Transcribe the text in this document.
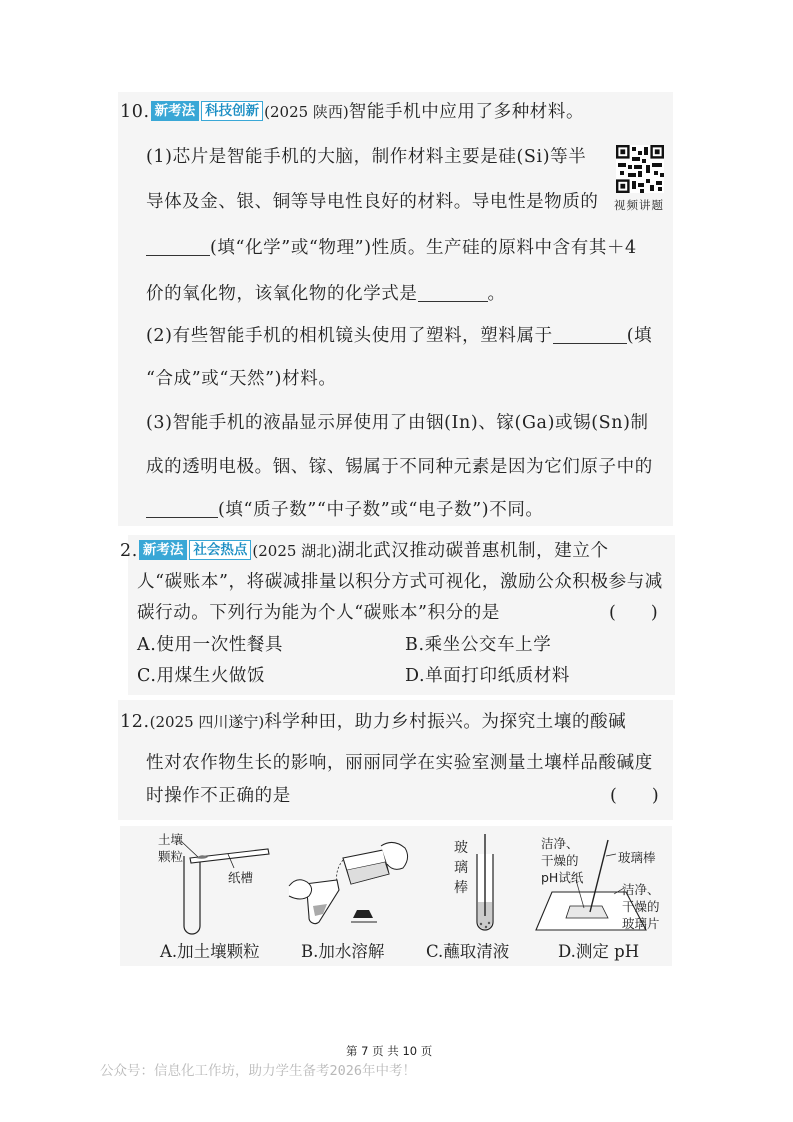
10. 新考法 科技创新 (2025 陕西)智能手机中应用了多种材料。
(1)芯片是智能手机的大脑，制作材料主要是硅(Si)等半
导体及金、银、铜等导电性良好的材料。导电性是物质的
(填“化学”或“物理”)性质。生产硅的原料中含有其＋4
价的氧化物，该氧化物的化学式是	。
(2)有些智能手机的相机镜头使用了塑料，塑料属于	(填
“合成”或“天然”)材料。
(3)智能手机的液晶显示屏使用了由铟(In)、镓(Ga)或锡(Sn)制
成的透明电极。铟、镓、锡属于不同种元素是因为它们原子中的
(填“质子数”“中子数”或“电子数”)不同。
视频讲题
2. 新考法 社会热点 (2025 湖北)湖北武汉推动碳普惠机制，建立个
人“碳账本”，将碳减排量以积分方式可视化，激励公众积极参与减
碳行动。下列行为能为个人“碳账本”积分的是	(　　)
A.使用一次性餐具	B.乘坐公交车上学
C.用煤生火做饭	D.单面打印纸质材料
12.(2025 四川遂宁)科学种田，助力乡村振兴。为探究土壤的酸碱
性对农作物生长的影响，丽丽同学在实验室测量土壤样品酸碱度
时操作不正确的是	(　　)
土壤
颗粒
纸槽
玻
璃
棒
洁净、
干燥的
pH试纸
玻璃棒
洁净、
干燥的
玻璃片
A.加土壤颗粒	B.加水溶解	C.蘸取清液	D.测定 pH
第 7 页 共 10 页
公众号：信息化工作坊，助力学生备考2026年中考！
